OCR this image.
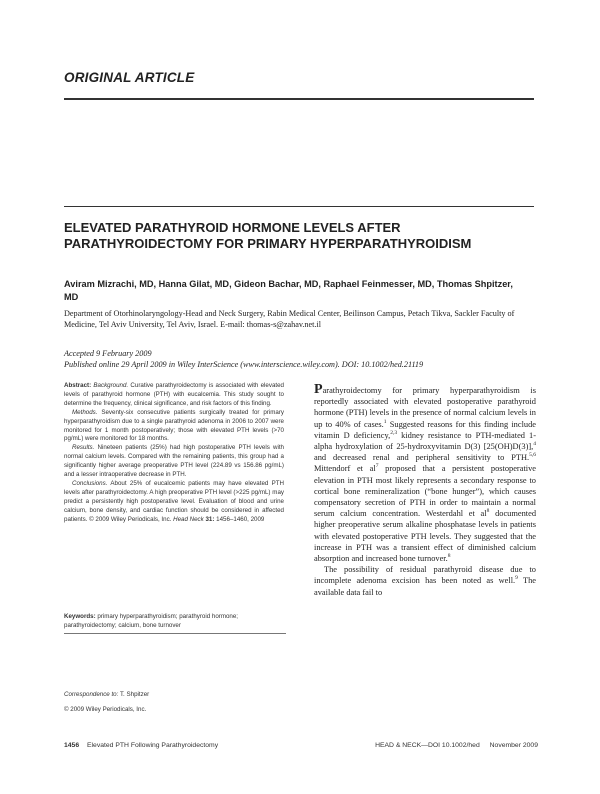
ORIGINAL ARTICLE
ELEVATED PARATHYROID HORMONE LEVELS AFTER PARATHYROIDECTOMY FOR PRIMARY HYPERPARATHYROIDISM
Aviram Mizrachi, MD, Hanna Gilat, MD, Gideon Bachar, MD, Raphael Feinmesser, MD, Thomas Shpitzer, MD
Department of Otorhinolaryngology-Head and Neck Surgery, Rabin Medical Center, Beilinson Campus, Petach Tikva, Sackler Faculty of Medicine, Tel Aviv University, Tel Aviv, Israel. E-mail: thomas-s@zahav.net.il
Accepted 9 February 2009
Published online 29 April 2009 in Wiley InterScience (www.interscience.wiley.com). DOI: 10.1002/hed.21119

Abstract: Background. Curative parathyroidectomy is associated with elevated levels of parathyroid hormone (PTH) with eucalcemia. This study sought to determine the frequency, clinical significance, and risk factors of this finding.

Methods. Seventy-six consecutive patients surgically treated for primary hyperparathyroidism due to a single parathyroid adenoma in 2006 to 2007 were monitored for 1 month postoperatively; those with elevated PTH levels (>70 pg/mL) were monitored for 18 months.

Results. Nineteen patients (25%) had high postoperative PTH levels with normal calcium levels. Compared with the remaining patients, this group had a significantly higher average preoperative PTH level (224.89 vs 156.86 pg/mL) and a lesser intraoperative decrease in PTH.

Conclusions. About 25% of eucalcemic patients may have elevated PTH levels after parathyroidectomy. A high preoperative PTH level (>225 pg/mL) may predict a persistently high postoperative level. Evaluation of blood and urine calcium, bone density, and cardiac function should be considered in affected patients. © 2009 Wiley Periodicals, Inc. Head Neck 31: 1456–1460, 2009

Keywords: primary hyperparathyroidism; parathyroid hormone; parathyroidectomy; calcium, bone turnover
Correspondence to: T. Shpitzer
© 2009 Wiley Periodicals, Inc.

Parathyroidectomy for primary hyperparathyroidism is reportedly associated with elevated postoperative parathyroid hormone (PTH) levels in the presence of normal calcium levels in up to 40% of cases.$^1$ Suggested reasons for this finding include vitamin D deficiency,$^{2,3}$ kidney resistance to PTH-mediated 1-alpha hydroxylation of 25-hydroxyvitamin D(3) [25(OH)D(3)],$^4$ and decreased renal and peripheral sensitivity to PTH.$^{5,6}$ Mittendorf et $al^7$ proposed that a persistent postoperative elevation in PTH most likely represents a secondary response to cortical bone remineralization (“bone hunger”), which causes compensatory secretion of PTH in order to maintain a normal serum calcium concentration. Westerdahl et $al^8$ documented higher preoperative serum alkaline phosphatase levels in patients with elevated postoperative PTH levels. They suggested that the increase in PTH was a transient effect of diminished calcium absorption and increased bone turnover.$^8$

The possibility of residual parathyroid disease due to incomplete adenoma excision has been noted as well.$^9$ The available data fail to

1456 Elevated PTH Following Parathyroidectomy	HEAD & NECK—DOI 10.1002/hed November 2009
